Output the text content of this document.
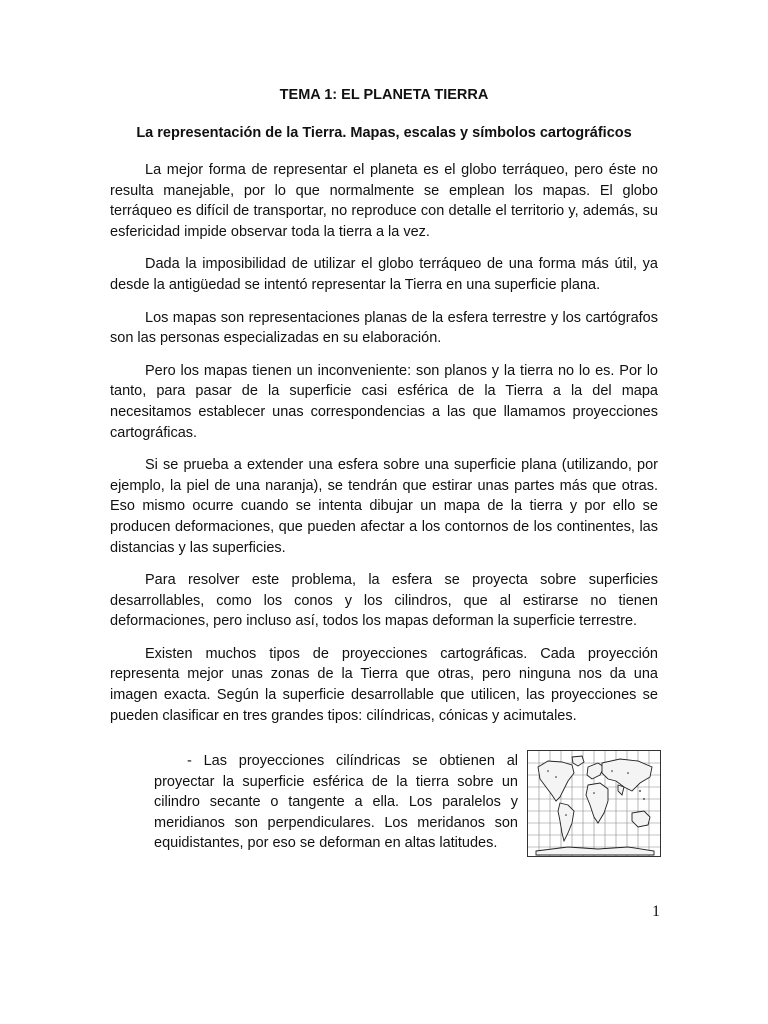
TEMA 1: EL PLANETA TIERRA
La representación de la Tierra. Mapas, escalas y símbolos cartográficos

La mejor forma de representar el planeta es el globo terráqueo, pero éste no resulta manejable, por lo que normalmente se emplean los mapas. El globo terráqueo es difícil de transportar, no reproduce con detalle el territorio y, además, su esfericidad impide observar toda la tierra a la vez.

Dada la imposibilidad de utilizar el globo terráqueo de una forma más útil, ya desde la antigüedad se intentó representar la Tierra en una superficie plana.

Los mapas son representaciones planas de la esfera terrestre y los cartógrafos son las personas especializadas en su elaboración.

Pero los mapas tienen un inconveniente: son planos y la tierra no lo es. Por lo tanto, para pasar de la superficie casi esférica de la Tierra a la del mapa necesitamos establecer unas correspondencias a las que llamamos proyecciones cartográficas.

Si se prueba a extender una esfera sobre una superficie plana (utilizando, por ejemplo, la piel de una naranja), se tendrán que estirar unas partes más que otras. Eso mismo ocurre cuando se intenta dibujar un mapa de la tierra y por ello se producen deformaciones, que pueden afectar a los contornos de los continentes, las distancias y las superficies.

Para resolver este problema, la esfera se proyecta sobre superficies desarrollables, como los conos y los cilindros, que al estirarse no tienen deformaciones, pero incluso así, todos los mapas deforman la superficie terrestre.

Existen muchos tipos de proyecciones cartográficas. Cada proyección representa mejor unas zonas de la Tierra que otras, pero ninguna nos da una imagen exacta. Según la superficie desarrollable que utilicen, las proyecciones se pueden clasificar en tres grandes tipos: cilíndricas, cónicas y acimutales.

- Las proyecciones cilíndricas se obtienen al proyectar la superficie esférica de la tierra sobre un cilindro secante o tangente a ella. Los paralelos y meridianos son perpendiculares. Los meridanos son equidistantes, por eso se deforman en altas latitudes.

1
